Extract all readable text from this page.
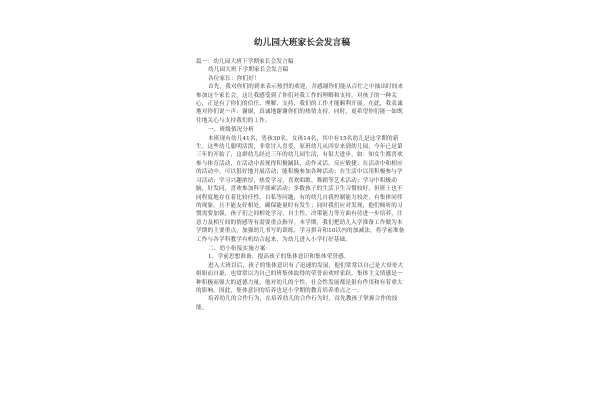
幼儿园大班家长会发言稿

篇一：幼儿园大班下学期家长会发言稿

幼儿园大班下学期家长会发言稿

各位家长：你们好！

首先，我对你们的到来表示热烈的欢迎，并感谢你们能从百忙之中抽出时间来参加这个家长会。这让我感受到了你们对我工作的理解和支持，对孩子的一种关心，正是有了你们的信任、理解、支持，我们的工作才能顺利开展。在此，我表诚地对你们说一声：谢谢，真诚地谢谢你们的热情支持。同时，更希望你们能一如既往地关心与支持我们的工作。

一、班级情况分析

本班现有幼儿41名，男孩30名，女孩14名，其中有15名幼儿是这学期的新生。这些幼儿聪明活泼，非常讨人喜爱，原班幼儿从四岁来到幼儿园，今年已是第三年的开始了，这群幼儿经过三年的幼儿园生活，有很大进步，如：知女生都喜欢参与体育活动，在活动中表现得积极踊跃，动作灵活，反应敏捷；在活动中和相应的活动中，可以很好地开展活动；能积极参加各种活动；在生活中以用积极参与学习活动；学习兴趣浓厚，热爱学习，喜欢唱歌、舞蹈等艺术活动；学习中积极动脑，好发问，喜欢参加科学探索活动；多数孩子的生活卫生习惯较好，但班上也不同程度地存在着比较任性、自私等问题，有的幼儿自我控制能力较差，有集体同伴的现象。且不能友好相处，确保能量时有发生；同时我们应对发现，他们倾听的习惯需要加强。孩子们之间相处学习，自主性，决策能力等方面有待进一步培养，注意力及相互间的情感等有需要重点指导。本学期，我们把幼儿入学准备工作做为本学期的主要重点，加强幼儿书写的训练，学习拼音和10以内的加减法，将学前准备工作与各学科教学有机结合起来，为幼儿进入小学打好基础。

二、幼小衔接实施方案：

1、学前思想准备，提高孩子的集体意识和集体荣誉感。

进入大班以后，孩子的集体意识有了迅速的发展，他们常常以自己是大哥哥大姐姐而自豪，也常常以为自己的班集体取得的荣誉而欢呼雀跃。集体主义情感是一种积极而强大的道德力量，他对幼儿的个性，社会性发展都是很有作用和有着重大的影响。因此，集体意识的培养也是小学期的教育培养重点之一。

培养幼儿的合作行为，在培养幼儿的合作行为时，首先教孩子掌握合作的技能。
